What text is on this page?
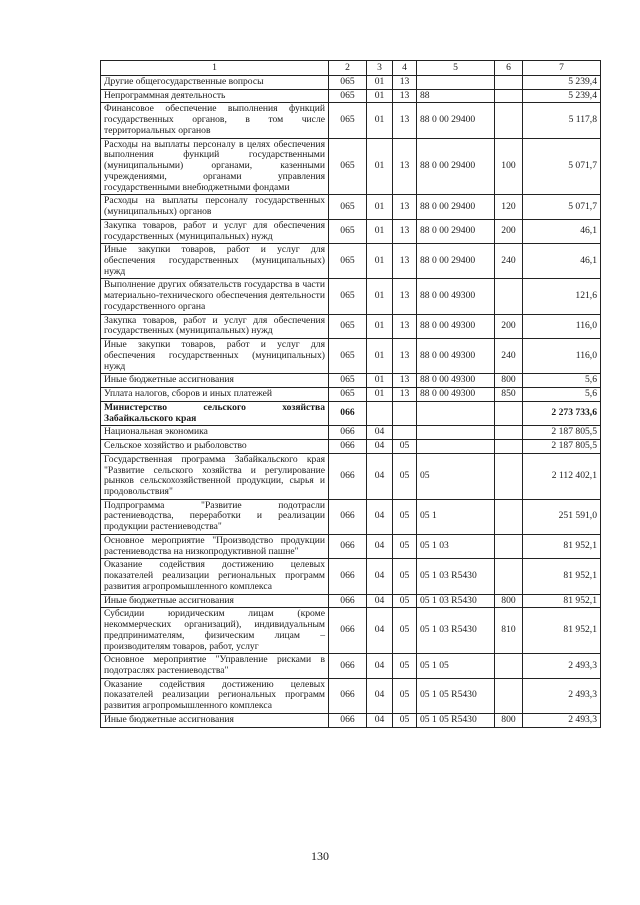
1	2	3	4	5	6	7
Другие общегосударственные вопросы	065	01	13			5 239,4
Непрограммная деятельность	065	01	13	88		5 239,4
Финансовое обеспечение выполнения функций государственных органов, в том числе территориальных органов	065	01	13	88 0 00 29400		5 117,8
Расходы на выплаты персоналу в целях обеспечения выполнения функций государственными (муниципальными) органами, казенными учреждениями, органами управления государственными внебюджетными фондами	065	01	13	88 0 00 29400	100	5 071,7
Расходы на выплаты персоналу государственных (муниципальных) органов	065	01	13	88 0 00 29400	120	5 071,7
Закупка товаров, работ и услуг для обеспечения государственных (муниципальных) нужд	065	01	13	88 0 00 29400	200	46,1
Иные закупки товаров, работ и услуг для обеспечения государственных (муниципальных) нужд	065	01	13	88 0 00 29400	240	46,1
Выполнение других обязательств государства в части материально-технического обеспечения деятельности государственного органа	065	01	13	88 0 00 49300		121,6
Закупка товаров, работ и услуг для обеспечения государственных (муниципальных) нужд	065	01	13	88 0 00 49300	200	116,0
Иные закупки товаров, работ и услуг для обеспечения государственных (муниципальных) нужд	065	01	13	88 0 00 49300	240	116,0
Иные бюджетные ассигнования	065	01	13	88 0 00 49300	800	5,6
Уплата налогов, сборов и иных платежей	065	01	13	88 0 00 49300	850	5,6
Министерство сельского хозяйства Забайкальского края	066					2 273 733,6
Национальная экономика	066	04				2 187 805,5
Сельское хозяйство и рыболовство	066	04	05			2 187 805,5
Государственная программа Забайкальского края "Развитие сельского хозяйства и регулирование рынков сельскохозяйственной продукции, сырья и продовольствия"	066	04	05	05		2 112 402,1
Подпрограмма "Развитие подотрасли растениеводства, переработки и реализации продукции растениеводства"	066	04	05	05 1		251 591,0
Основное мероприятие "Производство продукции растениеводства на низкопродуктивной пашне"	066	04	05	05 1 03		81 952,1
Оказание содействия достижению целевых показателей реализации региональных программ развития агропромышленного комплекса	066	04	05	05 1 03 R5430		81 952,1
Иные бюджетные ассигнования	066	04	05	05 1 03 R5430	800	81 952,1
Субсидии юридическим лицам (кроме некоммерческих организаций), индивидуальным предпринимателям, физическим лицам – производителям товаров, работ, услуг	066	04	05	05 1 03 R5430	810	81 952,1
Основное мероприятие "Управление рисками в подотраслях растениеводства"	066	04	05	05 1 05		2 493,3
Оказание содействия достижению целевых показателей реализации региональных программ развития агропромышленного комплекса	066	04	05	05 1 05 R5430		2 493,3
Иные бюджетные ассигнования	066	04	05	05 1 05 R5430	800	2 493,3
130
